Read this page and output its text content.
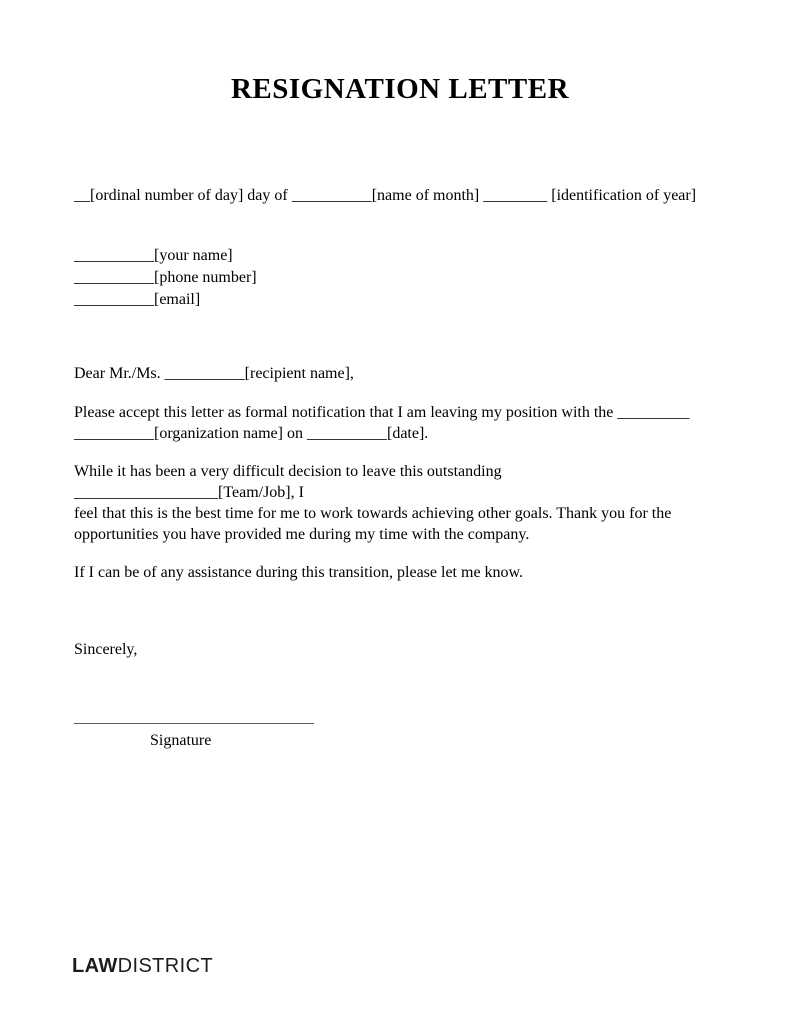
RESIGNATION LETTER
__[ordinal number of day] day of __________[name of month] ________ [identification of year]
__________[your name]
__________[phone number]
__________[email]
Dear Mr./Ms. __________[recipient name],
Please accept this letter as formal notification that I am leaving my position with the _________
__________[organization name] on __________[date].
While it has been a very difficult decision to leave this outstanding __________________[Team/Job], I
feel that this is the best time for me to work towards achieving other goals. Thank you for the
opportunities you have provided me during my time with the company.
If I can be of any assistance during this transition, please let me know.
Sincerely,
______________________________
Signature
LAWDISTRICT
